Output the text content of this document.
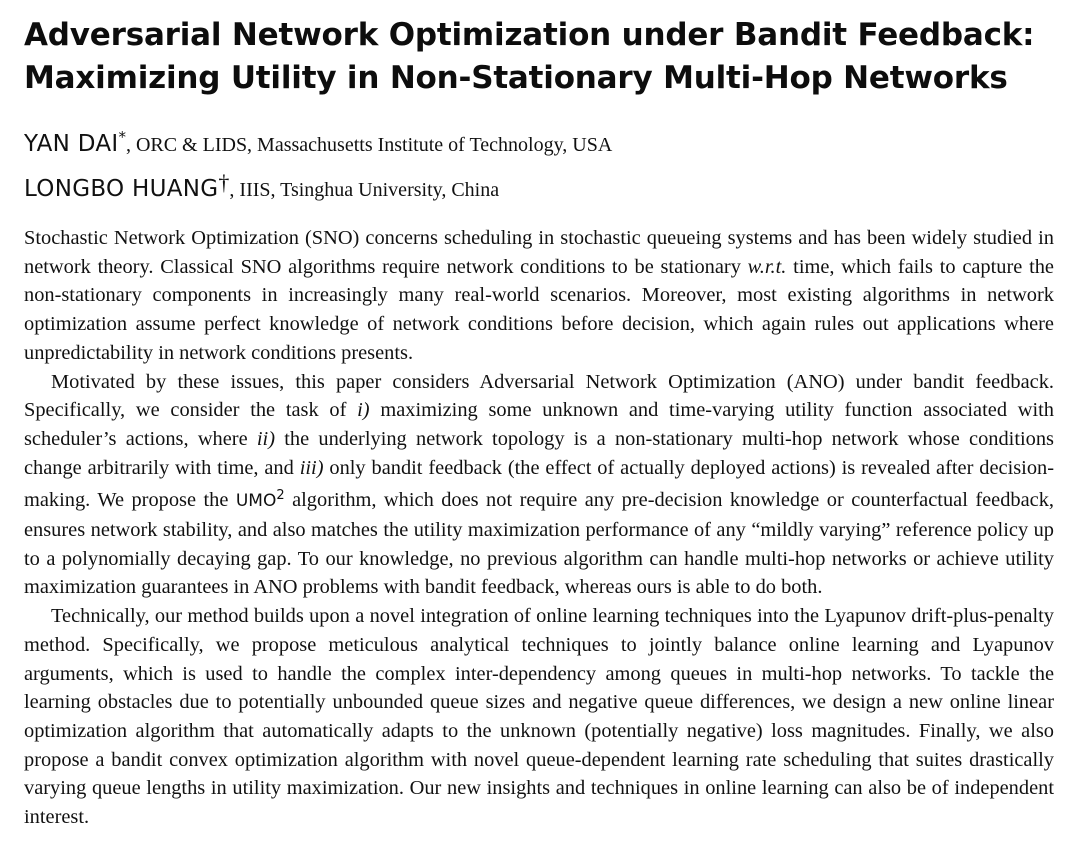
Adversarial Network Optimization under Bandit Feedback:
Maximizing Utility in Non-Stationary Multi-Hop Networks
YAN DAI*, ORC & LIDS, Massachusetts Institute of Technology, USA
LONGBO HUANG†, IIIS, Tsinghua University, China

Stochastic Network Optimization (SNO) concerns scheduling in stochastic queueing systems and has been widely studied in network theory. Classical SNO algorithms require network conditions to be stationary w.r.t. time, which fails to capture the non-stationary components in increasingly many real-world scenarios. Moreover, most existing algorithms in network optimization assume perfect knowledge of network conditions before decision, which again rules out applications where unpredictability in network conditions presents.

Motivated by these issues, this paper considers Adversarial Network Optimization (ANO) under bandit feedback. Specifically, we consider the task of i) maximizing some unknown and time-varying utility function associated with scheduler’s actions, where ii) the underlying network topology is a non-stationary multi-hop network whose conditions change arbitrarily with time, and iii) only bandit feedback (the effect of actually deployed actions) is revealed after decision-making. We propose the UMO$^2$ algorithm, which does not require any pre-decision knowledge or counterfactual feedback, ensures network stability, and also matches the utility maximization performance of any “mildly varying” reference policy up to a polynomially decaying gap. To our knowledge, no previous algorithm can handle multi-hop networks or achieve utility maximization guarantees in ANO problems with bandit feedback, whereas ours is able to do both.

Technically, our method builds upon a novel integration of online learning techniques into the Lyapunov drift-plus-penalty method. Specifically, we propose meticulous analytical techniques to jointly balance online learning and Lyapunov arguments, which is used to handle the complex inter-dependency among queues in multi-hop networks. To tackle the learning obstacles due to potentially unbounded queue sizes and negative queue differences, we design a new online linear optimization algorithm that automatically adapts to the unknown (potentially negative) loss magnitudes. Finally, we also propose a bandit convex optimization algorithm with novel queue-dependent learning rate scheduling that suites drastically varying queue lengths in utility maximization. Our new insights and techniques in online learning can also be of independent interest.
